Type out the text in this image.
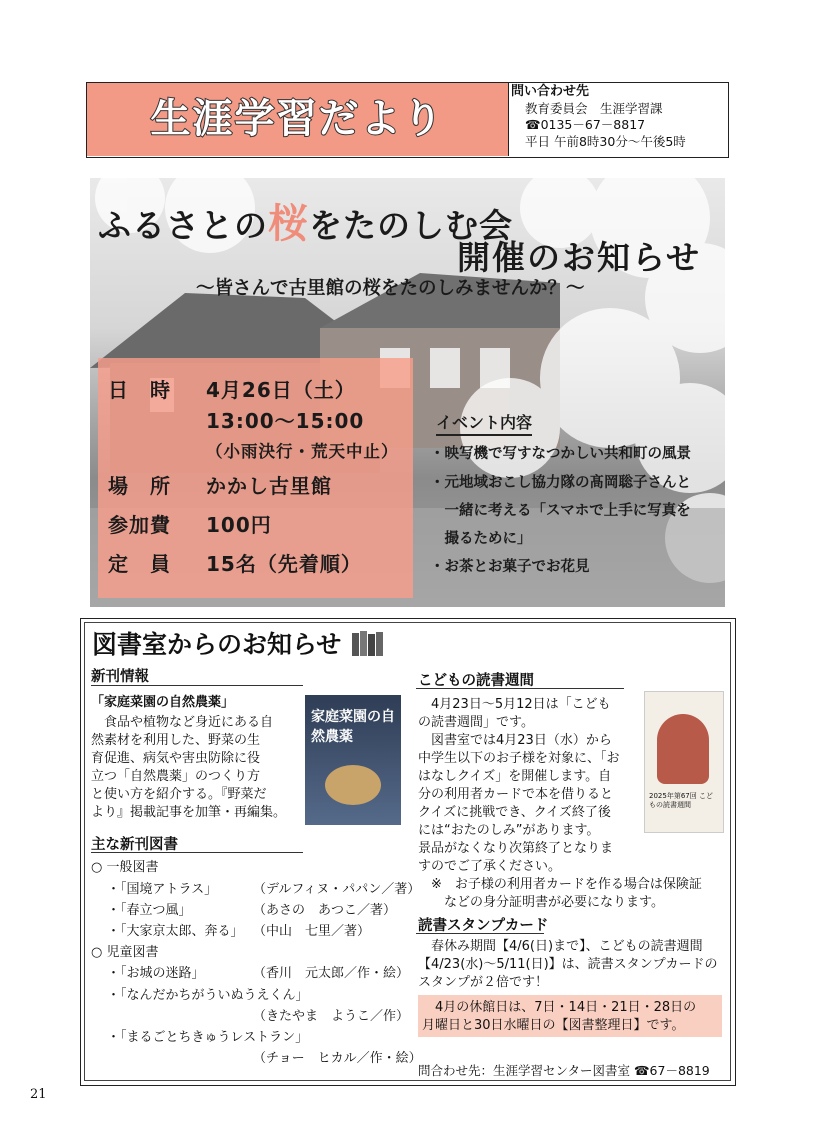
生涯学習だより
問い合わせ先
教育委員会　生涯学習課
☎0135－67－8817
平日 午前8時30分～午後5時
ふるさとの桜をたのしむ会
開催のお知らせ
～皆さんで古里館の桜をたのしみませんか？～
日　時 4月26日（土）
13:00～15:00
（小雨決行・荒天中止）
場　所 かかし古里館
参加費 100円
定　員 15名（先着順）
イベント内容
・映写機で写すなつかしい共和町の風景
・元地域おこし協力隊の髙岡聡子さんと
　一緒に考える「スマホで上手に写真を
　撮るために」
・お茶とお菓子でお花見
図書室からのお知らせ
新刊情報
「家庭菜園の自然農薬」
　食品や植物など身近にある自
然素材を利用した、野菜の生
育促進、病気や害虫防除に役
立つ「自然農薬」のつくり方
と使い方を紹介する。『野菜だ
より』掲載記事を加筆・再編集。
家庭菜園の自然農薬
主な新刊図書
○ 一般図書
・「国境アトラス」	（デルフィヌ・パパン／著）
・「春立つ風」	（あさの　あつこ／著）
・「大家京太郎、奔る」 （中山　七里／著）
○ 児童図書
・「お城の迷路」	（香川　元太郎／作・絵）
・「なんだかちがういぬうえくん」
（きたやま　ようこ／作）
・「まるごとちきゅうレストラン」
（チョー　ヒカル／作・絵）
こどもの読書週間
　4月23日～5月12日は「こども
の読書週間」です。
　図書室では4月23日（水）から
中学生以下のお子様を対象に、「お
はなしクイズ」を開催します。自
分の利用者カードで本を借りると
クイズに挑戦でき、クイズ終了後
には“おたのしみ”があります。
景品がなくなり次第終了となりま
すのでご了承ください。
　※　お子様の利用者カードを作る場合は保険証
　　などの身分証明書が必要になります。
2025年第67回 こどもの読書週間
読書スタンプカード
　春休み期間【4/6(日)まで】、こどもの読書週間
【4/23(水)～5/11(日)】は、読書スタンプカードの
スタンプが２倍です！
　4月の休館日は、7日・14日・21日・28日の
月曜日と30日水曜日の【図書整理日】です。
問合わせ先：生涯学習センター図書室 ☎67－8819
21
